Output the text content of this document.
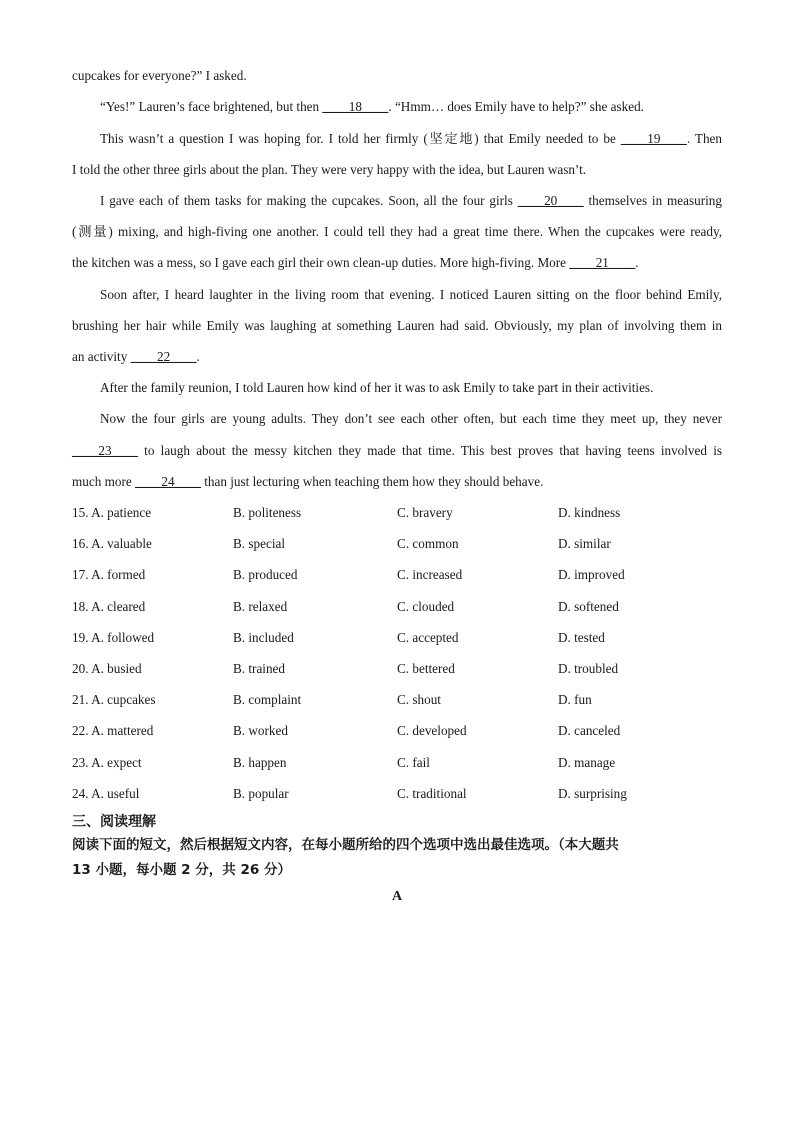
cupcakes for everyone?” I asked.
“Yes!” Lauren’s face brightened, but then ____18____. “Hmm… does Emily have to help?” she asked.
This wasn’t a question I was hoping for. I told her firmly (坚定地) that Emily needed to be ____19____. Then
I told the other three girls about the plan. They were very happy with the idea, but Lauren wasn’t.
I gave each of them tasks for making the cupcakes. Soon, all the four girls ____20____ themselves in measuring
(测量) mixing, and high-fiving one another. I could tell they had a great time there. When the cupcakes were ready,
the kitchen was a mess, so I gave each girl their own clean-up duties. More high-fiving. More ____21____.
Soon after, I heard laughter in the living room that evening. I noticed Lauren sitting on the floor behind Emily,
brushing her hair while Emily was laughing at something Lauren had said. Obviously, my plan of involving them in
an activity ____22____.
After the family reunion, I told Lauren how kind of her it was to ask Emily to take part in their activities.
Now the four girls are young adults. They don’t see each other often, but each time they meet up, they never
____23____ to laugh about the messy kitchen they made that time. This best proves that having teens involved is
much more ____24____ than just lecturing when teaching them how they should behave.
15. A. patience	B. politeness	C. bravery	D. kindness
16. A. valuable	B. special	C. common	D. similar
17. A. formed	B. produced	C. increased	D. improved
18. A. cleared	B. relaxed	C. clouded	D. softened
19. A. followed	B. included	C. accepted	D. tested
20. A. busied	B. trained	C. bettered	D. troubled
21. A. cupcakes	B. complaint	C. shout	D. fun
22. A. mattered	B. worked	C. developed	D. canceled
23. A. expect	B. happen	C. fail	D. manage
24. A. useful	B. popular	C. traditional	D. surprising
三、阅读理解
阅读下面的短文，然后根据短文内容，在每小题所给的四个选项中选出最佳选项。（本大题共
13 小题，每小题 2 分，共 26 分）
A
